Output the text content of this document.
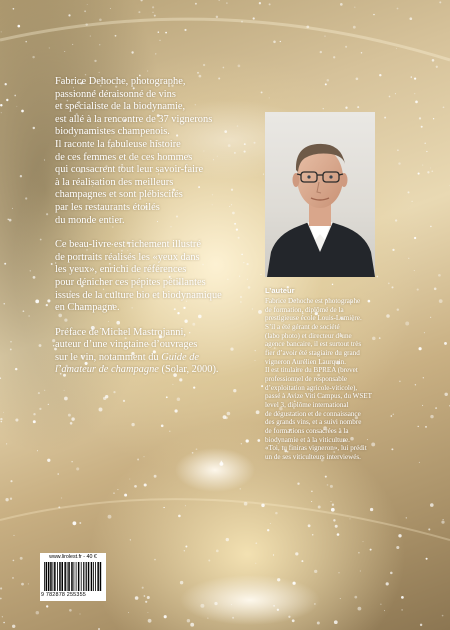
Fabrice Dehoche, photographe,
passionné déraisonné de vins
et spécialiste de la biodynamie,
est allé à la rencontre de 37 vignerons
biodynamistes champenois.
Il raconte la fabuleuse histoire
de ces femmes et de ces hommes
qui consacrent tout leur savoir-faire
à la réalisation des meilleurs
champagnes et sont plébiscités
par les restaurants étoilés
du monde entier.

Ce beau-livre est richement illustré
de portraits réalisés les «yeux dans
les yeux», enrichi de références
pour dénicher ces pépites pétillantes
issues de la culture bio et biodynamique
en Champagne.

Préface de Michel Mastrojanni,
auteur d’une vingtaine d’ouvrages
sur le vin, notamment du Guide de
l’amateur de champagne (Solar, 2000).

L’auteur
Fabrice Dehoche est photographe
de formation, diplômé de la
prestigieuse école Louis-Lumière.
S’il a été gérant de société
(labo photo) et directeur d’une
agence bancaire, il est surtout très
fier d’avoir été stagiaire du grand
vigneron Aurélien Laurquin.
Il est titulaire du BPREA (brevet
professionnel de responsable
d’exploitation agricole-viticole),
passé à Avize Viti Campus, du WSET
level 3, diplôme international
de dégustation et de connaissance
des grands vins, et a suivi nombre
de formations consacrées à la
biodynamie et à la viticulture.
«Toi, tu finiras vigneron», lui prédit
un de ses viticulteurs interviewés.
www.lirolest.fr - 40 €
9 782878 255355
